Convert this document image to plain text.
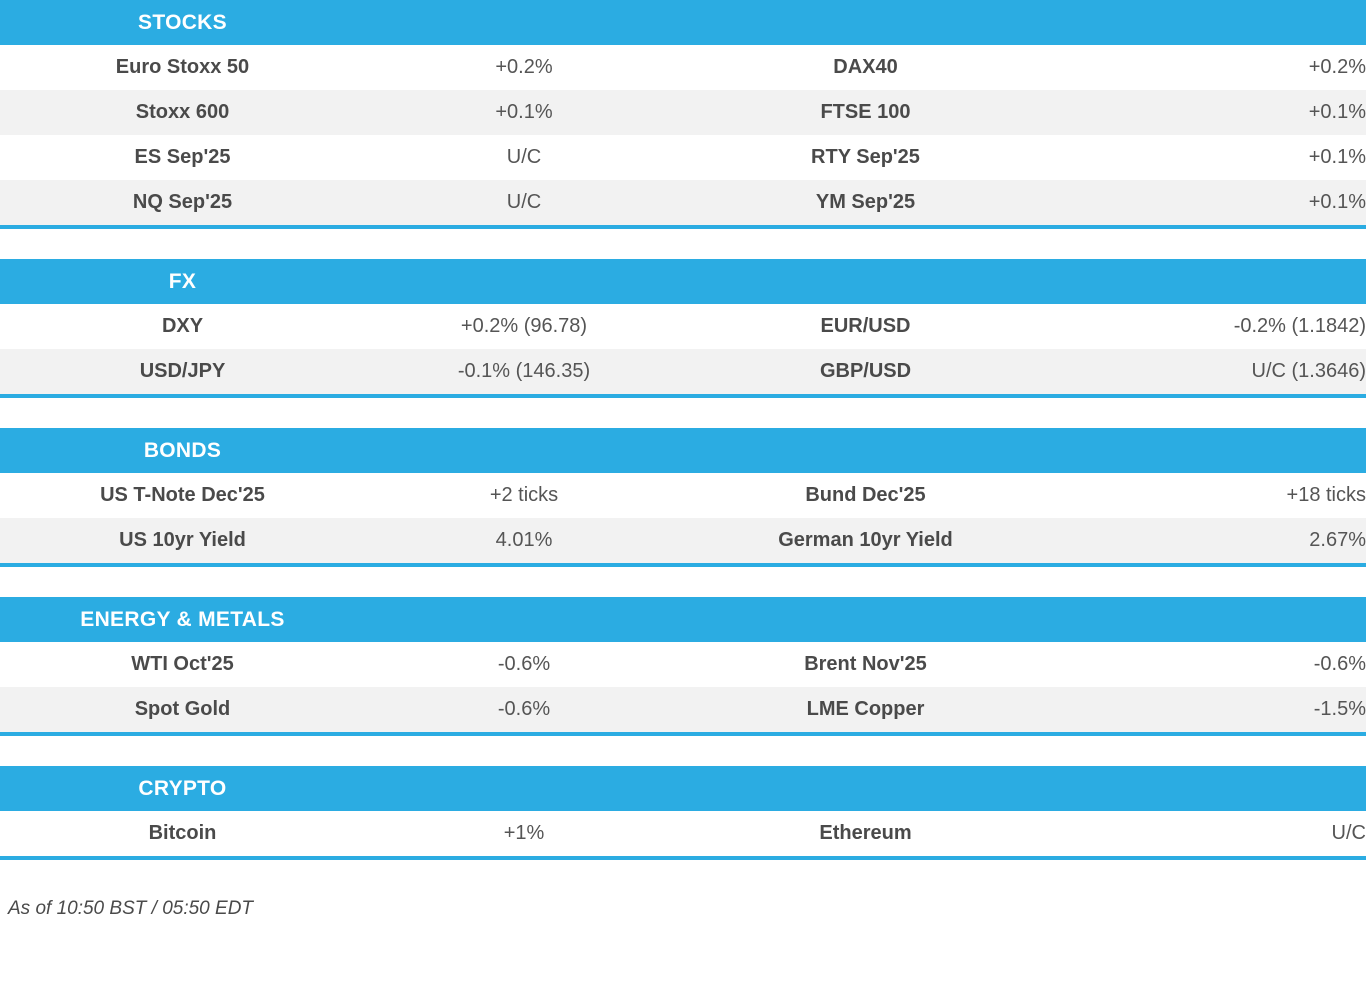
STOCKS
Euro Stoxx 50	+0.2%	DAX40	+0.2%
Stoxx 600	+0.1%	FTSE 100	+0.1%
ES Sep'25	U/C	RTY Sep'25	+0.1%
NQ Sep'25	U/C	YM Sep'25	+0.1%
FX
DXY	+0.2% (96.78)	EUR/USD	-0.2% (1.1842)
USD/JPY	-0.1% (146.35)	GBP/USD	U/C (1.3646)
BONDS
US T-Note Dec'25	+2 ticks	Bund Dec'25	+18 ticks
US 10yr Yield	4.01%	German 10yr Yield	2.67%
ENERGY & METALS
WTI Oct'25	-0.6%	Brent Nov'25	-0.6%
Spot Gold	-0.6%	LME Copper	-1.5%
CRYPTO
Bitcoin	+1%	Ethereum	U/C
As of 10:50 BST / 05:50 EDT
